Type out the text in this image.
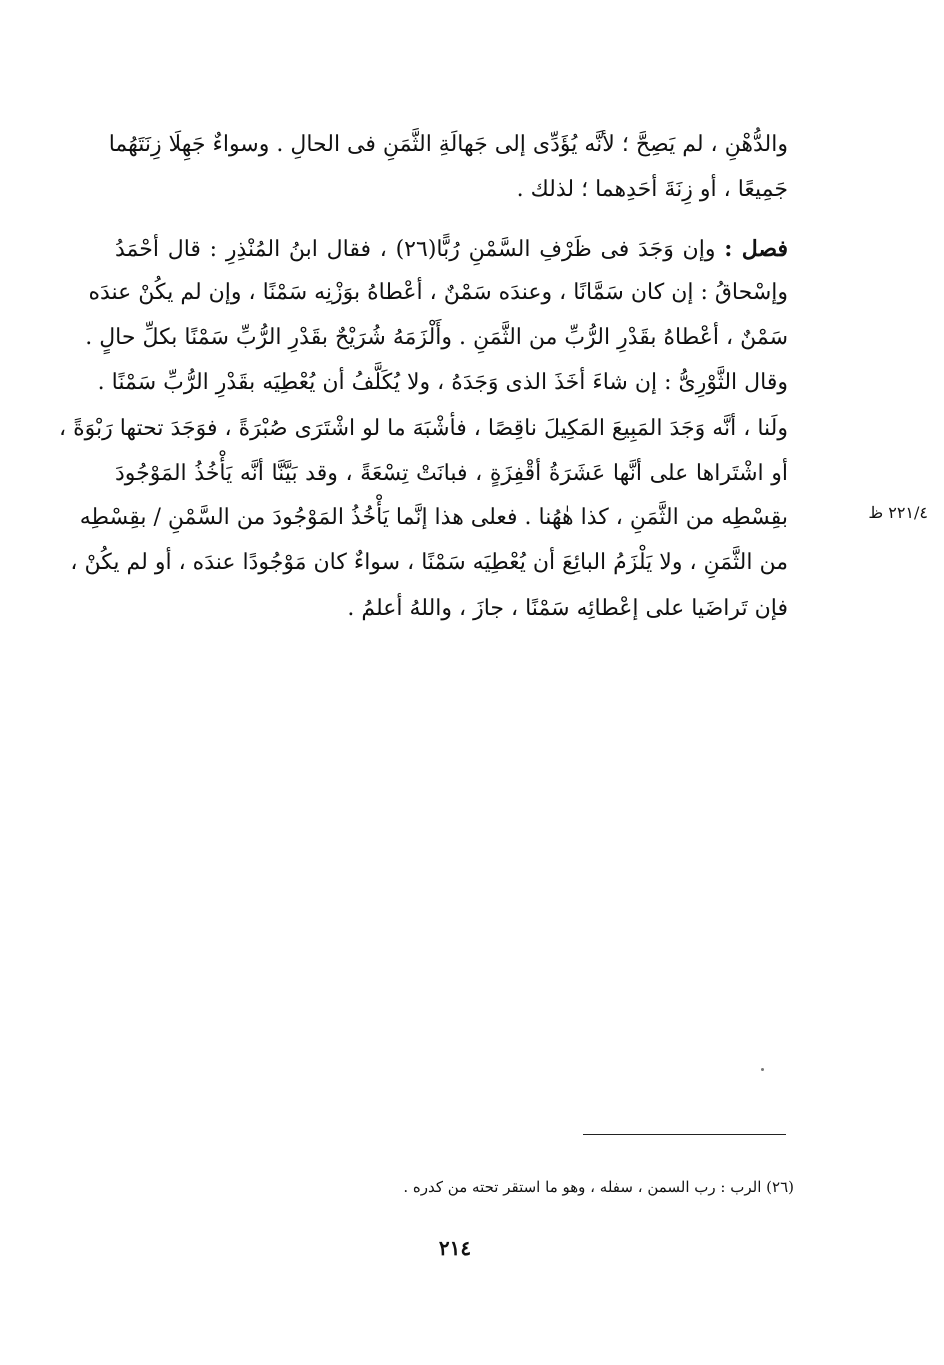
والدُّهْنِ ، لم يَصِحَّ ؛ لأنَّه يُؤَدِّى إلى جَهالَةِ الثَّمَنِ فى الحالِ . وسواءٌ جَهِلَا زِنَتَهُما
جَمِيعًا ، أو زِنَةَ أحَدِهما ؛ لذلك .
فصل : وإن وَجَدَ فى ظَرْفِ السَّمْنِ رُبًّا(٢٦) ، فقال ابنُ المُنْذِرِ : قال أحْمَدُ
وإسْحاقُ : إن كان سَمَّانًا ، وعندَه سَمْنٌ ، أعْطاهُ بوَزْنِه سَمْنًا ، وإن لم يكُنْ عندَه
سَمْنٌ ، أعْطاهُ بقَدْرِ الرُّبِّ من الثَّمَنِ . وأَلْزَمَهُ شُرَيْحٌ بقَدْرِ الرُّبِّ سَمْنًا بكلِّ حالٍ .
وقال الثَّوْرِىُّ : إن شاءَ أخَذَ الذى وَجَدَهُ ، ولا يُكَلَّفُ أن يُعْطِيَه بقَدْرِ الرُّبِّ سَمْنًا .
ولَنا ، أنَّه وَجَدَ المَبِيعَ المَكِيلَ ناقِصًا ، فأشْبَهَ ما لو اشْتَرَى صُبْرَةً ، فوَجَدَ تحتها رَبْوَةً ،
أو اشْتَراها على أنَّها عَشَرَةُ أقْفِزَةٍ ، فبانَتْ تِسْعَةً ، وقد بَيَّنَّا أنَّه يَأْخُذُ المَوْجُودَ
بقِسْطِه من الثَّمَنِ ، كذا هٰهُنا . فعلى هذا إنَّما يَأْخُذُ المَوْجُودَ من السَّمْنِ / بقِسْطِه
من الثَّمَنِ ، ولا يَلْزَمُ البائِعَ أن يُعْطِيَه سَمْنًا ، سواءٌ كان مَوْجُودًا عندَه ، أو لم يكُنْ ،
فإن تَراضَيا على إعْطائِه سَمْنًا ، جازَ ، واللهُ أعلمُ .
٢٢١/٤ ظ
(٢٦) الرب : رب السمن ، سفله ، وهو ما استقر تحته من كدره .
٢١٤
